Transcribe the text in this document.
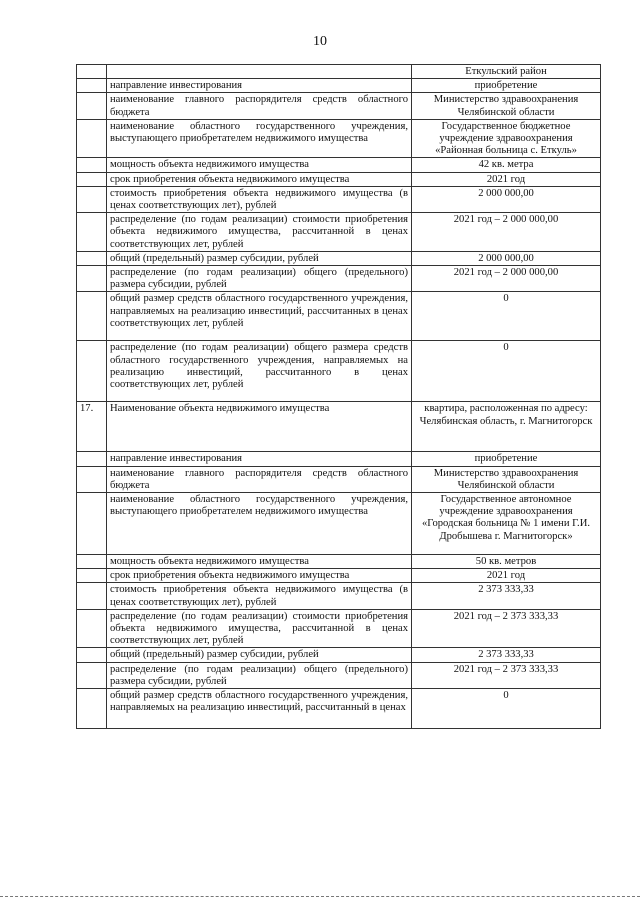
10
		Еткульский район
	направление инвестирования	приобретение
	наименование главного распорядителя средств областного бюджета	Министерство здравоохранения Челябинской области
	наименование областного государственного учреждения, выступающего приобретателем недвижимого имущества	Государственное бюджетное учреждение здравоохранения «Районная больница с. Еткуль»
	мощность объекта недвижимого имущества	42 кв. метра
	срок приобретения объекта недвижимого имущества	2021 год
	стоимость приобретения объекта недвижимого имущества (в ценах соответствующих лет), рублей	2 000 000,00
	распределение (по годам реализации) стоимости приобретения объекта недвижимого имущества, рассчитанной в ценах соответствующих лет, рублей	2021 год – 2 000 000,00
	общий (предельный) размер субсидии, рублей	2 000 000,00
	распределение (по годам реализации) общего (предельного) размера субсидии, рублей	2021 год – 2 000 000,00
	общий размер средств областного государственного учреждения, направляемых на реализацию инвестиций, рассчитанных в ценах соответствующих лет, рублей	0
	распределение (по годам реализации) общего размера средств областного государственного учреждения, направляемых на реализацию инвестиций, рассчитанного в ценах соответствующих лет, рублей	0
17.	Наименование объекта недвижимого имущества	квартира, расположенная по адресу: Челябинская область, г. Магнитогорск
	направление инвестирования	приобретение
	наименование главного распорядителя средств областного бюджета	Министерство здравоохранения Челябинской области
	наименование областного государственного учреждения, выступающего приобретателем недвижимого имущества	Государственное автономное учреждение здравоохранения «Городская больница № 1 имени Г.И. Дробышева г. Магнитогорск»
	мощность объекта недвижимого имущества	50 кв. метров
	срок приобретения объекта недвижимого имущества	2021 год
	стоимость приобретения объекта недвижимого имущества (в ценах соответствующих лет), рублей	2 373 333,33
	распределение (по годам реализации) стоимости приобретения объекта недвижимого имущества, рассчитанной в ценах соответствующих лет, рублей	2021 год – 2 373 333,33
	общий (предельный) размер субсидии, рублей	2 373 333,33
	распределение (по годам реализации) общего (предельного) размера субсидии, рублей	2021 год – 2 373 333,33
	общий размер средств областного государственного учреждения, направляемых на реализацию инвестиций, рассчитанный в ценах	0
